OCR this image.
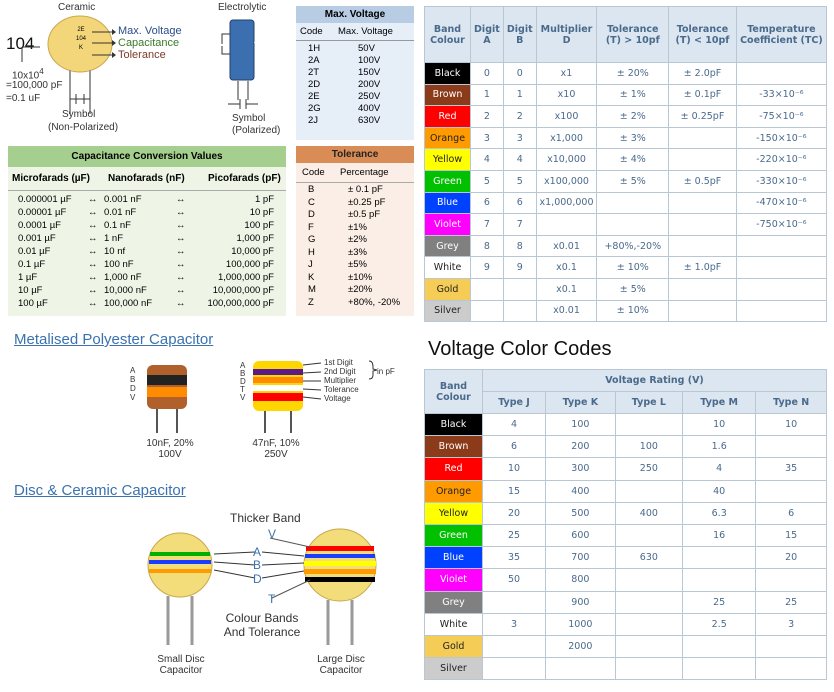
Ceramic
104
2E
104
K
Max. Voltage
Capacitance
Tolerance
$10x10^4$
=100,000 pF
=0.1 uF
Symbol
(Non-Polarized)
Electrolytic
10µF 50v
Symbol
(Polarized)
Max. Voltage
Code	Max. Voltage
1H	50V
2A	100V
2T	150V
2D	200V
2E	250V
2G	400V
2J	630V
Capacitance Conversion Values
Microfarads (µF)	Nanofarads (nF)	Picofarads (pF)
0.000001 µF	↔ 0.001 nF	↔	1 pF
0.00001 µF	↔ 0.01 nF	↔	10 pF
0.0001 µF	↔ 0.1 nF	↔	100 pF
0.001 µF	↔ 1 nF	↔	1,000 pF
0.01 µF	↔ 10 nf	↔	10,000 pF
0.1 µF	↔ 100 nF	↔	100,000 pF
1 µF	↔ 1,000 nF	↔	1,000,000 pF
10 µF	↔ 10,000 nF	↔	10,000,000 pF
100 µF	↔ 100,000 nF	↔	100,000,000 pF
Tolerance
Code	Percentage
B	± 0.1 pF
C	±0.25 pF
D	±0.5 pF
F	±1%
G	±2%
H	±3%
J	±5%
K	±10%
M	±20%
Z	+80%, -20%
Band Colour	Digit A	Digit B	Multiplier D	Tolerance (T) > 10pf	Tolerance (T) < 10pf	Temperature Coefficient (TC)
Black	0	0	x1	± 20%	± 2.0pF	
Brown	1	1	x10	± 1%	± 0.1pF	-33×10⁻⁶
Red	2	2	x100	± 2%	± 0.25pF	-75×10⁻⁶
Orange	3	3	x1,000	± 3%		-150×10⁻⁶
Yellow	4	4	x10,000	± 4%		-220×10⁻⁶
Green	5	5	x100,000	± 5%	± 0.5pF	-330×10⁻⁶
Blue	6	6	x1,000,000			-470×10⁻⁶
Violet	7	7				-750×10⁻⁶
Grey	8	8	x0.01	+80%,-20%		
White	9	9	x0.1	± 10%	± 1.0pF	
Gold			x0.1	± 5%		
Silver			x0.01	± 10%		
Metalised Polyester Capacitor
A
B
D
V
A
B
D
T
V
1st Digit
2nd Digit
Multiplier
Tolerance
Voltage
in pF
10nF, 20%
100V
47nF, 10%
250V
Disc & Ceramic Capacitor
Thicker Band
V
A
B
D
T
Colour Bands
And Tolerance
Small Disc
Capacitor
Large Disc
Capacitor
Voltage Color Codes
Band Colour	Voltage Rating (V)				
	Type J	Type K	Type L	Type M	Type N
Black	4	100		10	10
Brown	6	200	100	1.6	
Red	10	300	250	4	35
Orange	15	400		40	
Yellow	20	500	400	6.3	6
Green	25	600		16	15
Blue	35	700	630		20
Violet	50	800			
Grey		900		25	25
White	3	1000		2.5	3
Gold		2000			
Silver					
